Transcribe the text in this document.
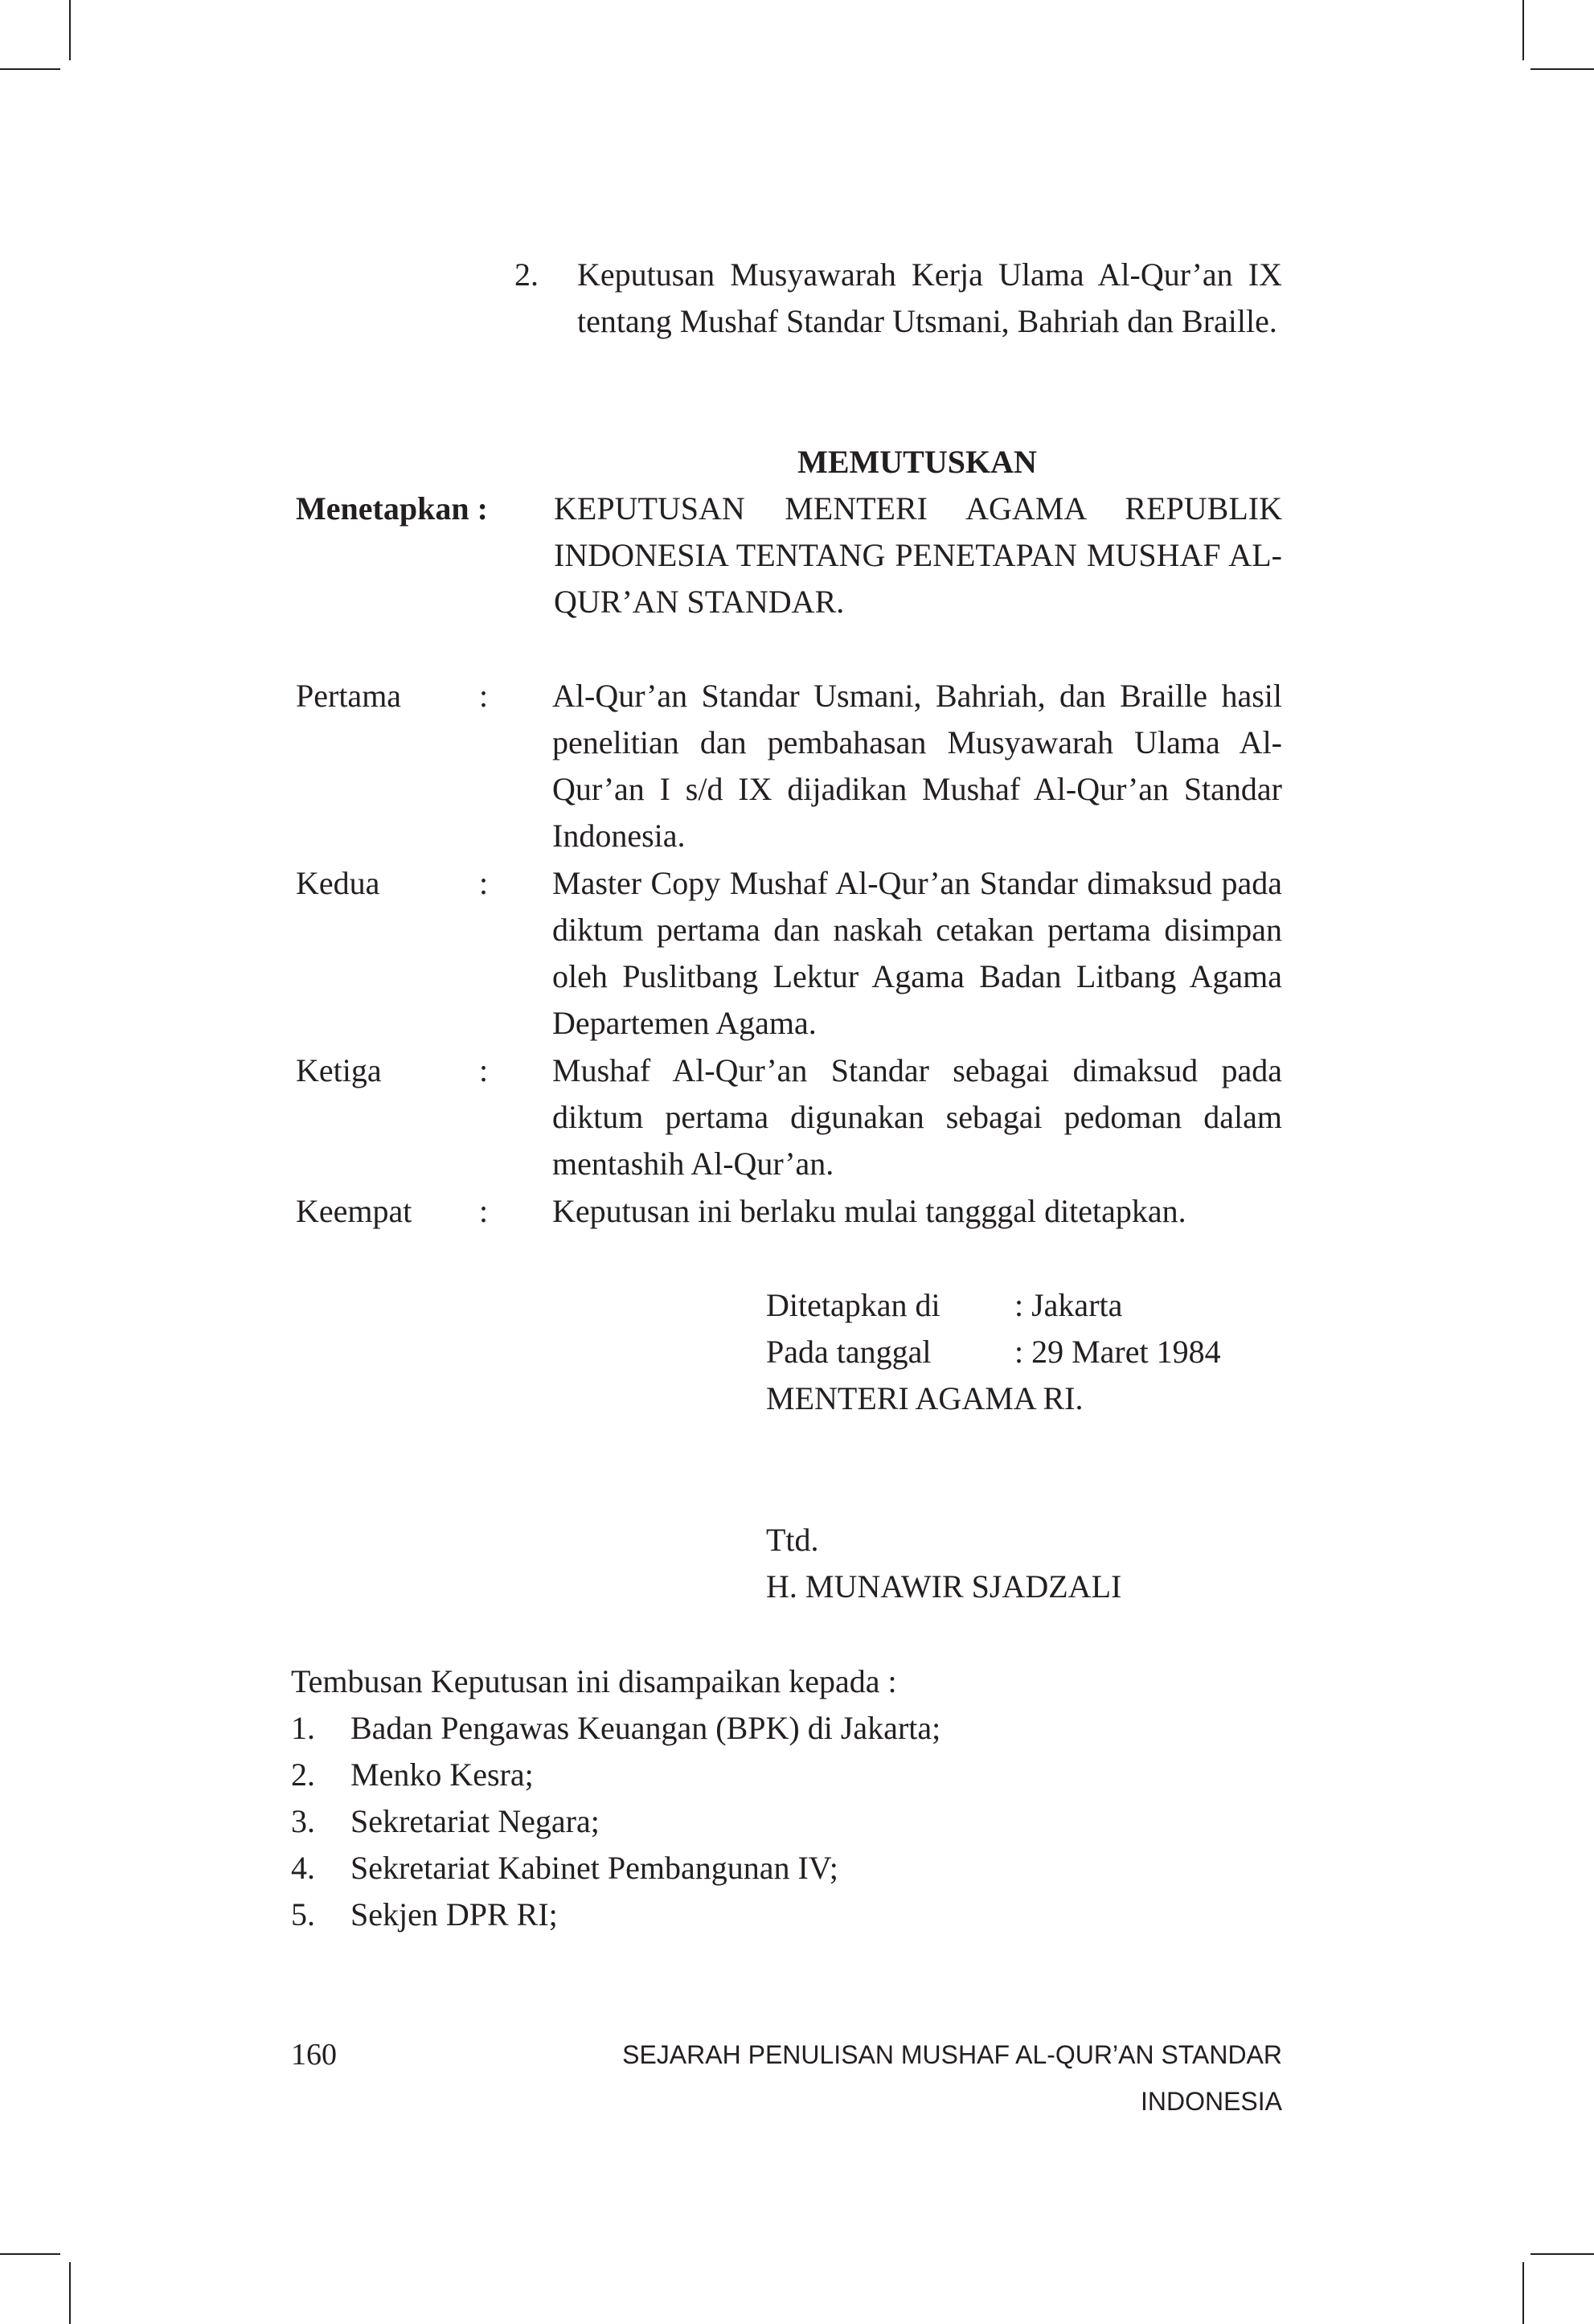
2. Keputusan Musyawarah Kerja Ulama Al-Qur’an IX tentang Mushaf Standar Utsmani, Bahriah dan Braille.
MEMUTUSKAN
Menetapkan : KEPUTUSAN MENTERI AGAMA REPUBLIK INDONESIA TENTANG PENETAPAN MUSHAF AL-QUR’AN STANDAR.
Pertama	: Al-Qur’an Standar Usmani, Bahriah, dan Braille hasil penelitian dan pembahasan Musyawarah Ulama Al-Qur’an I s/d IX dijadikan Mushaf Al-Qur’an Standar Indonesia.
Kedua	: Master Copy Mushaf Al-Qur’an Standar dimaksud pada diktum pertama dan naskah cetakan pertama disimpan oleh Puslitbang Lektur Agama Badan Litbang Agama Departemen Agama.
Ketiga	: Mushaf Al-Qur’an Standar sebagai dimaksud pada diktum pertama digunakan sebagai pedoman dalam mentashih Al-Qur’an.
Keempat	: Keputusan ini berlaku mulai tangggal ditetapkan.
Ditetapkan di : Jakarta
Pada tanggal	: 29 Maret 1984
MENTERI AGAMA RI.
Ttd.
H. MUNAWIR SJADZALI
Tembusan Keputusan ini disampaikan kepada :
1. Badan Pengawas Keuangan (BPK) di Jakarta;
2. Menko Kesra;
3. Sekretariat Negara;
4. Sekretariat Kabinet Pembangunan IV;
5. Sekjen DPR RI;
160	SEJARAH PENULISAN MUSHAF AL-QUR’AN STANDAR INDONESIA
